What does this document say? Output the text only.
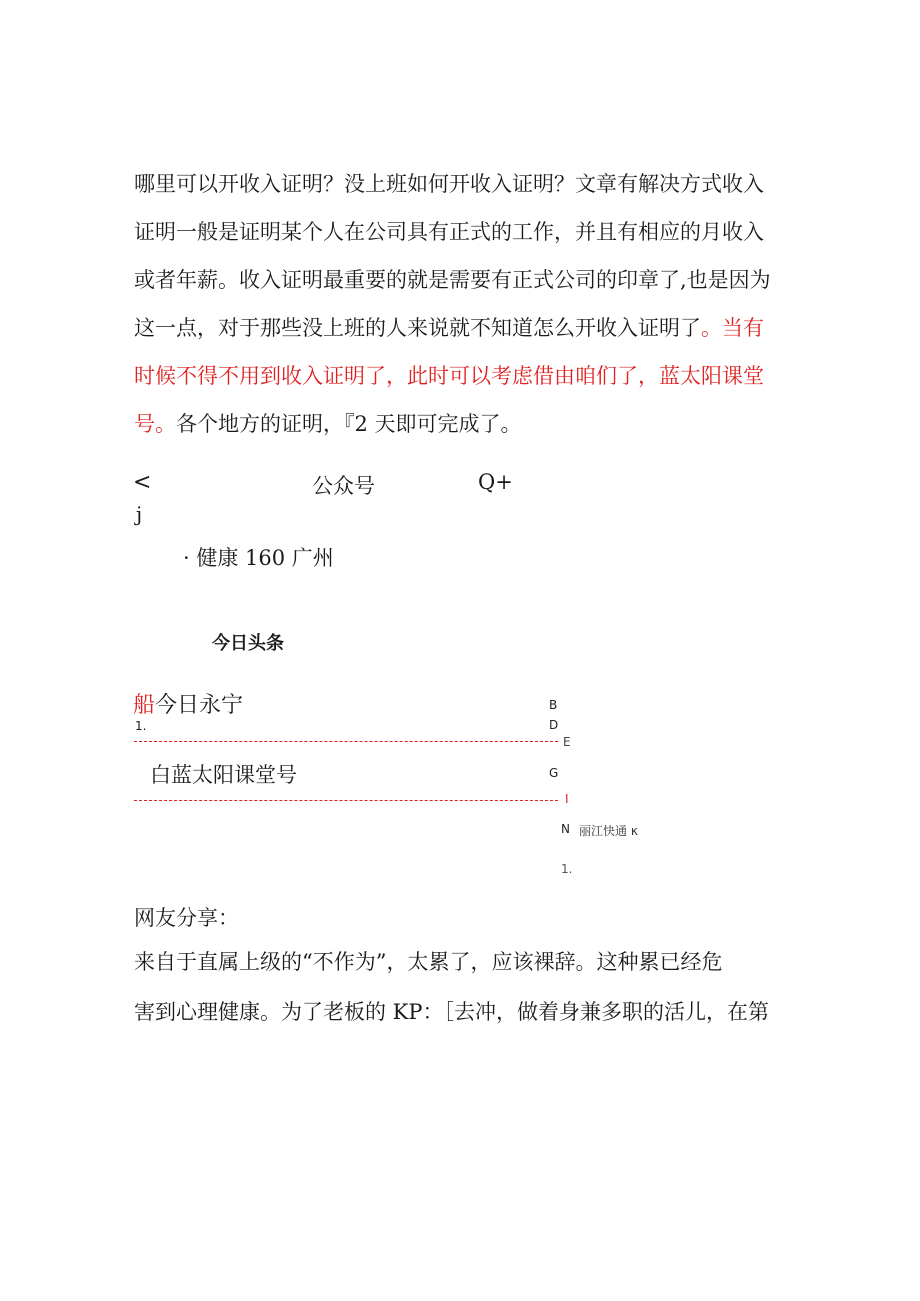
哪里可以开收入证明？没上班如何开收入证明？文章有解决方式收入
证明一般是证明某个人在公司具有正式的工作，并且有相应的月收入
或者年薪。收入证明最重要的就是需要有正式公司的印章了,也是因为
这一点，对于那些没上班的人来说就不知道怎么开收入证明了。当有
时候不得不用到收入证明了，此时可以考虑借由咱们了，蓝太阳课堂
号。各个地方的证明，『2 天即可完成了。
<	公众号	Q+
j
· 健康 160 广州
今日头条
船今日永宁
1.
白蓝太阳课堂号
B
D
E
G
I
N 丽江快通 κ
1.
网友分享：
来自于直属上级的“不作为”，太累了，应该裸辞。这种累已经危
害到心理健康。为了老板的 KP：［去冲，做着身兼多职的活儿，在第
